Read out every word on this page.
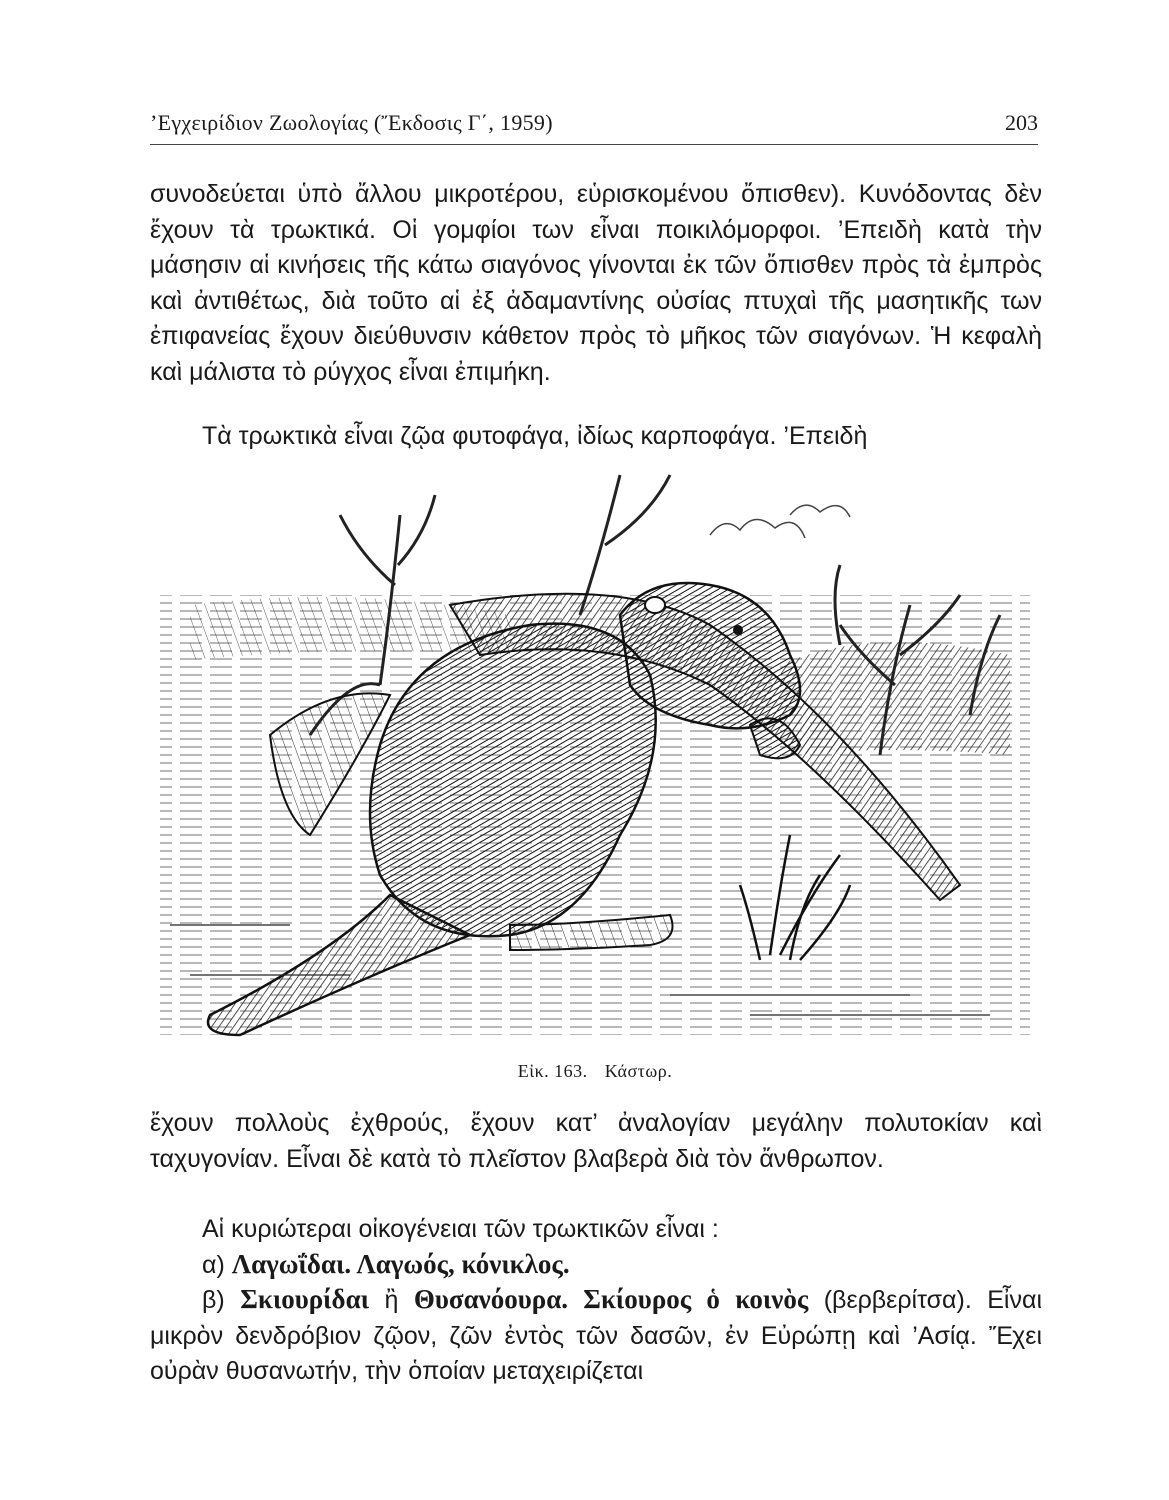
’Εγχειρίδιον Ζωολογίας (Ἔκδοσις Γ΄, 1959)	203

συνοδεύεται ὑπὸ ἄλλου μικροτέρου, εὑρισκομένου ὄπισθεν). Κυνόδοντας δὲν ἔχουν τὰ τρωκτικά. Οἱ γομφίοι των εἶναι ποικιλόμορφοι. ’Επειδὴ κατὰ τὴν μάσησιν αἱ κινήσεις τῆς κάτω σιαγόνος γίνονται ἐκ τῶν ὄπισθεν πρὸς τὰ ἐμπρὸς καὶ ἀντιθέτως, διὰ τοῦτο αἱ ἐξ ἀδαμαντίνης οὐσίας πτυχαὶ τῆς μασητικῆς των ἐπιφανείας ἔχουν διεύθυνσιν κάθετον πρὸς τὸ μῆκος τῶν σιαγόνων. Ἡ κεφαλὴ καὶ μάλιστα τὸ ρύγχος εἶναι ἐπιμήκη.

Τὰ τρωκτικὰ εἶναι ζῷα φυτοφάγα, ἰδίως καρποφάγα. ’Επειδὴ

Εἰκ. 163. Κάστωρ.

ἔχουν πολλοὺς ἐχθρούς, ἔχουν κατ’ ἀναλογίαν μεγάλην πολυτοκίαν καὶ ταχυγονίαν. Εἶναι δὲ κατὰ τὸ πλεῖστον βλαβερὰ διὰ τὸν ἄνθρωπον.

Αἱ κυριώτεραι οἰκογένειαι τῶν τρωκτικῶν εἶναι :

α) Λαγωΐδαι. Λαγωός, κόνικλος.

β) Σκιουρίδαι ἢ Θυσανόουρα. Σκίουρος ὁ κοινὸς (βερβερίτσα). Εἶναι μικρὸν δενδρόβιον ζῷον, ζῶν ἐντὸς τῶν δασῶν, ἐν Εὐρώπῃ καὶ ’Ασίᾳ. Ἔχει οὐρὰν θυσανωτήν, τὴν ὁποίαν μεταχειρίζεται
